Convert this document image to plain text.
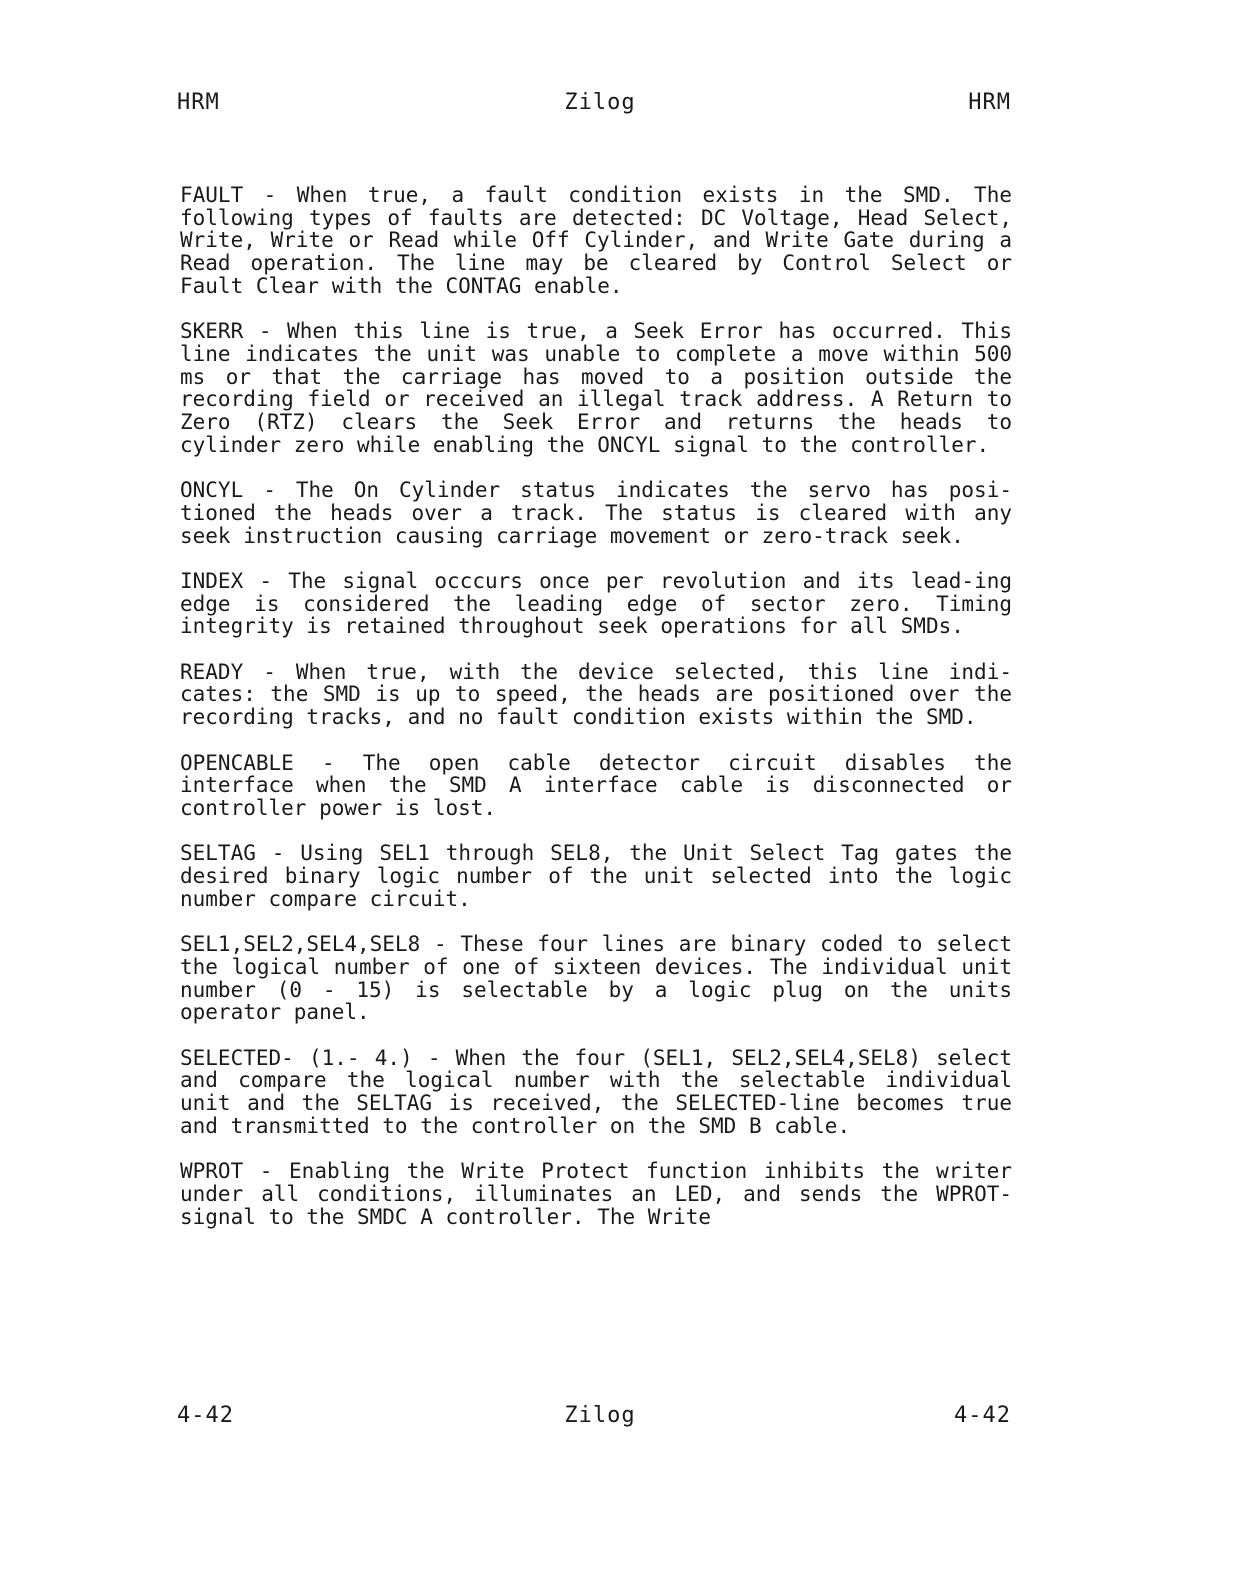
HRM	Zilog	HRM

FAULT - When true, a fault condition exists in the SMD. The following types of faults are detected: DC Voltage, Head Select, Write, Write or Read while Off Cylinder, and Write Gate during a Read operation. The line may be cleared by Control Select or Fault Clear with the CONTAG enable.

SKERR - When this line is true, a Seek Error has occurred. This line indicates the unit was unable to complete a move within 500 ms or that the carriage has moved to a position outside the recording field or received an illegal track address. A Return to Zero (RTZ) clears the Seek Error and returns the heads to cylinder zero while enabling the ONCYL signal to the controller.

ONCYL - The On Cylinder status indicates the servo has posi-tioned the heads over a track. The status is cleared with any seek instruction causing carriage movement or zero-track seek.

INDEX - The signal occcurs once per revolution and its lead-ing edge is considered the leading edge of sector zero. Timing integrity is retained throughout seek operations for all SMDs.

READY - When true, with the device selected, this line indi-cates: the SMD is up to speed, the heads are positioned over the recording tracks, and no fault condition exists within the SMD.

OPENCABLE - The open cable detector circuit disables the interface when the SMD A interface cable is disconnected or controller power is lost.

SELTAG - Using SEL1 through SEL8, the Unit Select Tag gates the desired binary logic number of the unit selected into the logic number compare circuit.

SEL1,SEL2,SEL4,SEL8 - These four lines are binary coded to select the logical number of one of sixteen devices. The individual unit number (0 - 15) is selectable by a logic plug on the units operator panel.

SELECTED- (1.- 4.) - When the four (SEL1, SEL2,SEL4,SEL8) select and compare the logical number with the selectable individual unit and the SELTAG is received, the SELECTED-line becomes true and transmitted to the controller on the SMD B cable.

WPROT - Enabling the Write Protect function inhibits the writer under all conditions, illuminates an LED, and sends the WPROT- signal to the SMDC A controller. The Write

4-42	Zilog	4-42
